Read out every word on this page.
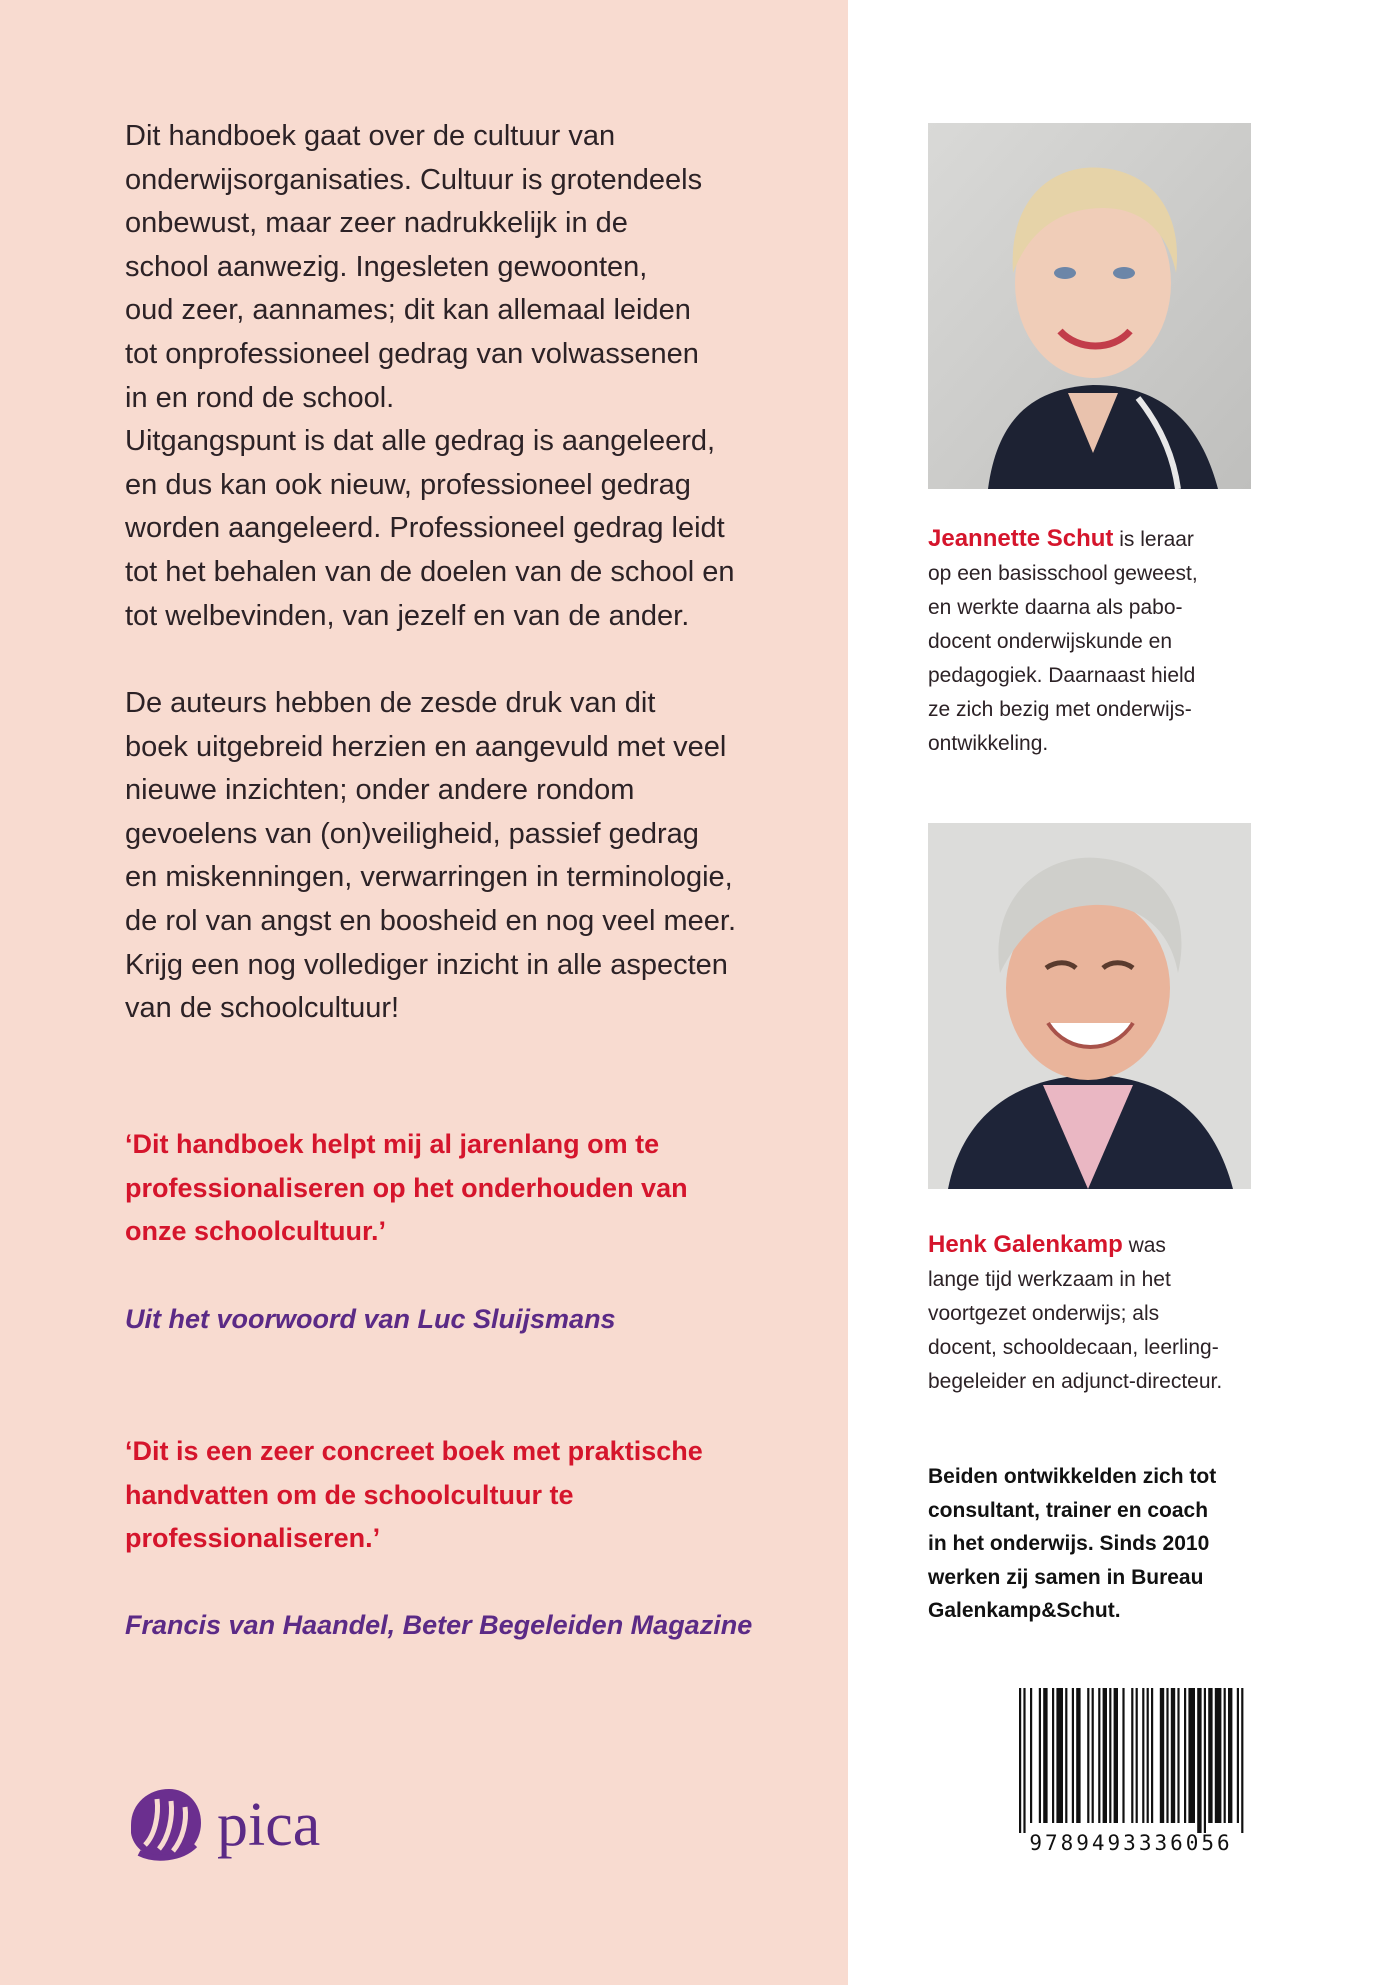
Dit handboek gaat over de cultuur van
onderwijsorganisaties. Cultuur is grotendeels
onbewust, maar zeer nadrukkelijk in de
school aanwezig. Ingesleten gewoonten,
oud zeer, aannames; dit kan allemaal leiden
tot onprofessioneel gedrag van volwassenen
in en rond de school.
Uitgangspunt is dat alle gedrag is aangeleerd,
en dus kan ook nieuw, professioneel gedrag
worden aangeleerd. Professioneel gedrag leidt
tot het behalen van de doelen van de school en
tot welbevinden, van jezelf en van de ander.
De auteurs hebben de zesde druk van dit
boek uitgebreid herzien en aangevuld met veel
nieuwe inzichten; onder andere rondom
gevoelens van (on)veiligheid, passief gedrag
en miskenningen, verwarringen in terminologie,
de rol van angst en boosheid en nog veel meer.
Krijg een nog vollediger inzicht in alle aspecten
van de schoolcultuur!
‘Dit handboek helpt mij al jarenlang om te
professionaliseren op het onderhouden van
onze schoolcultuur.’
Uit het voorwoord van Luc Sluijsmans
‘Dit is een zeer concreet boek met praktische
handvatten om de schoolcultuur te
professionaliseren.’
Francis van Haandel, Beter Begeleiden Magazine
pica
Jeannette Schut is leraar
op een basisschool geweest,
en werkte daarna als pabo-
docent onderwijskunde en
pedagogiek. Daarnaast hield
ze zich bezig met onderwijs-
ontwikkeling.
Henk Galenkamp was
lange tijd werkzaam in het
voortgezet onderwijs; als
docent, schooldecaan, leerling-
begeleider en adjunct-directeur.
Beiden ontwikkelden zich tot
consultant, trainer en coach
in het onderwijs. Sinds 2010
werken zij samen in Bureau
Galenkamp&Schut.
9789493336056
